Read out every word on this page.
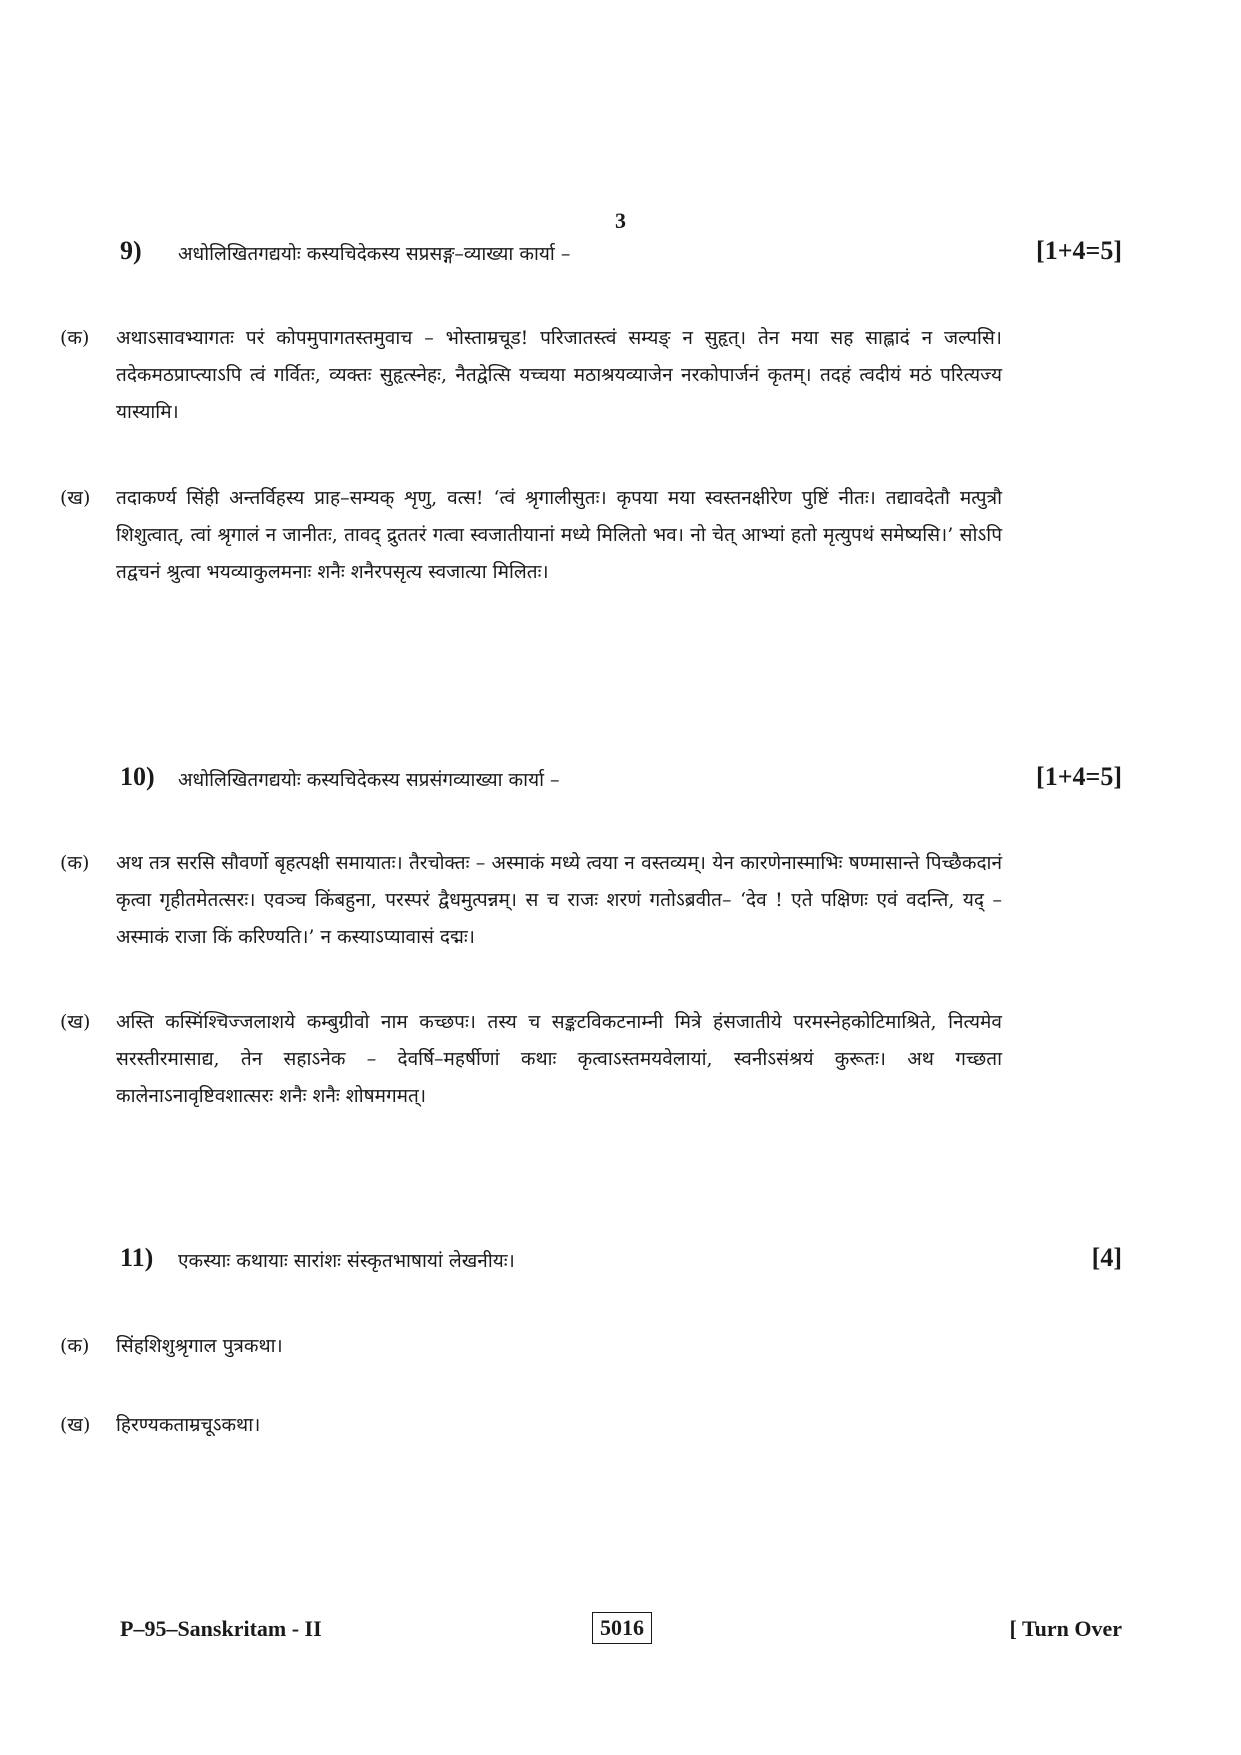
3
9) अधोलिखितगद्ययोः कस्यचिदेकस्य सप्रसङ्ग–व्याख्या कार्या –	[1+4=5]
(क) अथाऽसावभ्यागतः परं कोपमुपागतस्तमुवाच – भोस्ताम्रचूड! परिजातस्त्वं सम्यङ् न सुहृत्। तेन मया सह साह्लादं न जल्पसि। तदेकमठप्राप्त्याऽपि त्वं गर्वितः, व्यक्तः सुहृत्स्नेहः, नैतद्वेत्सि यच्चया मठाश्रयव्याजेन नरकोपार्जनं कृतम्। तदहं त्वदीयं मठं परित्यज्य यास्यामि।
(ख) तदाकर्ण्य सिंही अन्तर्विहस्य प्राह–सम्यक् शृणु, वत्स! ‘त्वं श्रृगालीसुतः। कृपया मया स्वस्तनक्षीरेण पुष्टिं नीतः। तद्यावदेतौ मत्पुत्रौ शिशुत्वात्, त्वां श्रृगालं न जानीतः, तावद् द्रुततरं गत्वा स्वजातीयानां मध्ये मिलितो भव। नो चेत् आभ्यां हतो मृत्युपथं समेष्यसि।’ सोऽपि तद्वचनं श्रुत्वा भयव्याकुलमनाः शनैः शनैरपसृत्य स्वजात्या मिलितः।
10) अधोलिखितगद्ययोः कस्यचिदेकस्य सप्रसंगव्याख्या कार्या –	[1+4=5]
(क) अथ तत्र सरसि सौवर्णो बृहत्पक्षी समायातः। तैरचोक्तः – अस्माकं मध्ये त्वया न वस्तव्यम्। येन कारणेनास्माभिः षण्मासान्ते पिच्छैकदानं कृत्वा गृहीतमेतत्सरः। एवञ्च किंबहुना, परस्परं द्वैधमुत्पन्नम्। स च राजः शरणं गतोऽब्रवीत– ‘देव ! एते पक्षिणः एवं वदन्ति, यद् – अस्माकं राजा किं करिण्यति।’ न कस्याऽप्यावासं दद्मः।
(ख) अस्ति कस्मिंश्चिज्जलाशये कम्बुग्रीवो नाम कच्छपः। तस्य च सङ्कटविकटनाम्नी मित्रे हंसजातीये परमस्नेहकोटिमाश्रिते, नित्यमेव सरस्तीरमासाद्य, तेन सहाऽनेक – देवर्षि–महर्षीणां कथाः कृत्वाऽस्तमयवेलायां, स्वनीऽसंश्रयं कुरूतः। अथ गच्छता कालेनाऽनावृष्टिवशात्सरः शनैः शनैः शोषमगमत्।
11) एकस्याः कथायाः सारांशः संस्कृतभाषायां लेखनीयः।	[4]
(क) सिंहशिशुश्रृगाल पुत्रकथा।
(ख) हिरण्यकताम्रचूऽकथा।
P–95–Sanskritam - II	5016	[ Turn Over
